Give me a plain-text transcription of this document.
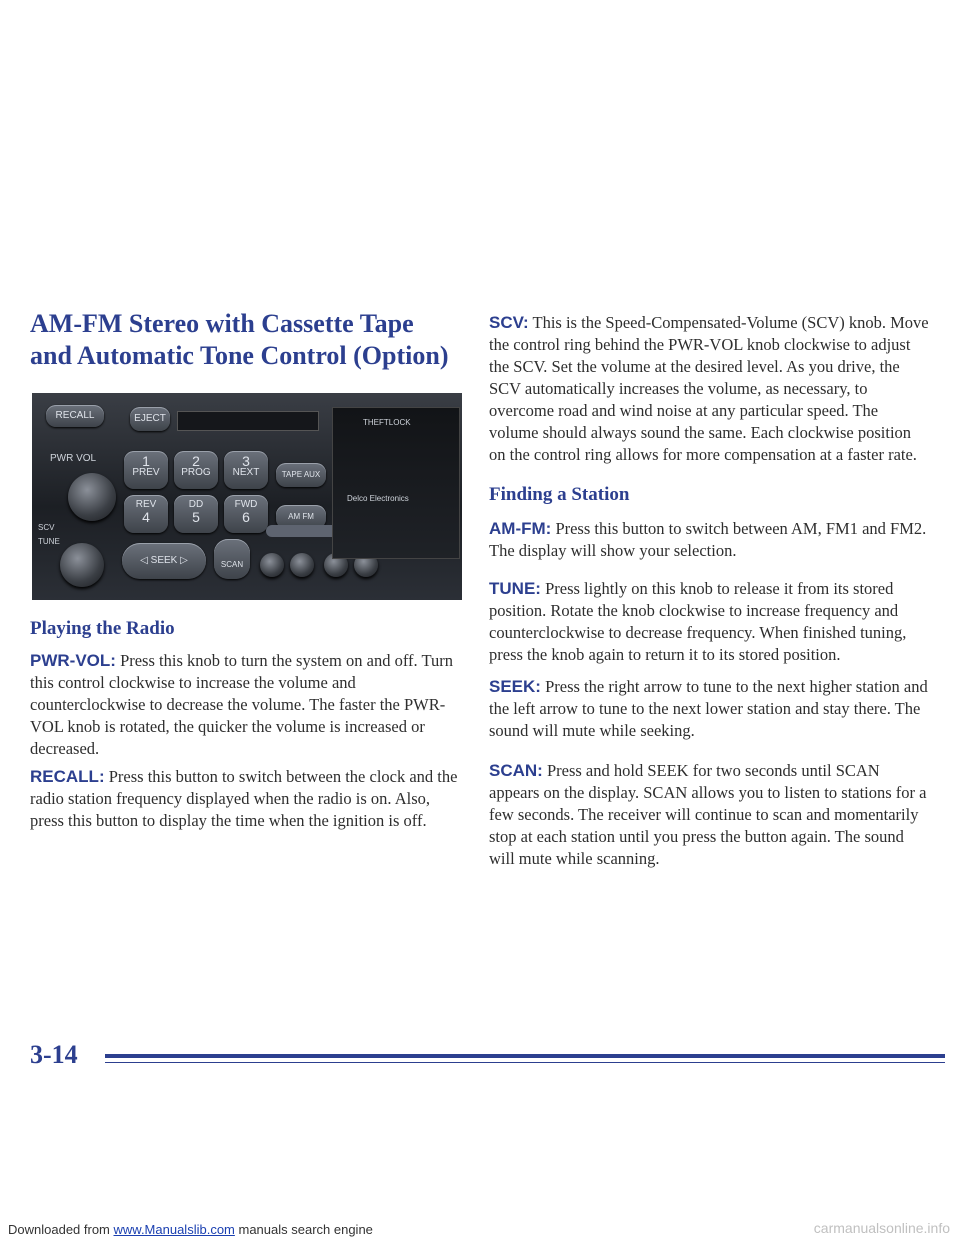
AM-FM Stereo with Cassette Tape and Automatic Tone Control (Option)
RECALL	EJECT
PWR VOL
SCV
TUNE
1
PREV
2
PROG
3
NEXT	TAPE AUX
REV
4
DD
5
FWD
6	AM FM
◁ SEEK ▷	SCAN
THEFTLOCK
Delco Electronics
Playing the Radio

PWR-VOL: Press this knob to turn the system on and off. Turn this control clockwise to increase the volume and counterclockwise to decrease the volume. The faster the PWR-VOL knob is rotated, the quicker the volume is increased or decreased.

RECALL: Press this button to switch between the clock and the radio station frequency displayed when the radio is on. Also, press this button to display the time when the ignition is off.

SCV: This is the Speed-Compensated-Volume (SCV) knob. Move the control ring behind the PWR-VOL knob clockwise to adjust the SCV. Set the volume at the desired level. As you drive, the SCV automatically increases the volume, as necessary, to overcome road and wind noise at any particular speed. The volume should always sound the same. Each clockwise position on the control ring allows for more compensation at a faster rate.

Finding a Station

AM-FM: Press this button to switch between AM, FM1 and FM2. The display will show your selection.

TUNE: Press lightly on this knob to release it from its stored position. Rotate the knob clockwise to increase frequency and counterclockwise to decrease frequency. When finished tuning, press the knob again to return it to its stored position.

SEEK: Press the right arrow to tune to the next higher station and the left arrow to tune to the next lower station and stay there. The sound will mute while seeking.

SCAN: Press and hold SEEK for two seconds until SCAN appears on the display. SCAN allows you to listen to stations for a few seconds. The receiver will continue to scan and momentarily stop at each station until you press the button again. The sound will mute while scanning.

3-14
Downloaded from www.Manualslib.com manuals search engine	carmanualsonline.info
